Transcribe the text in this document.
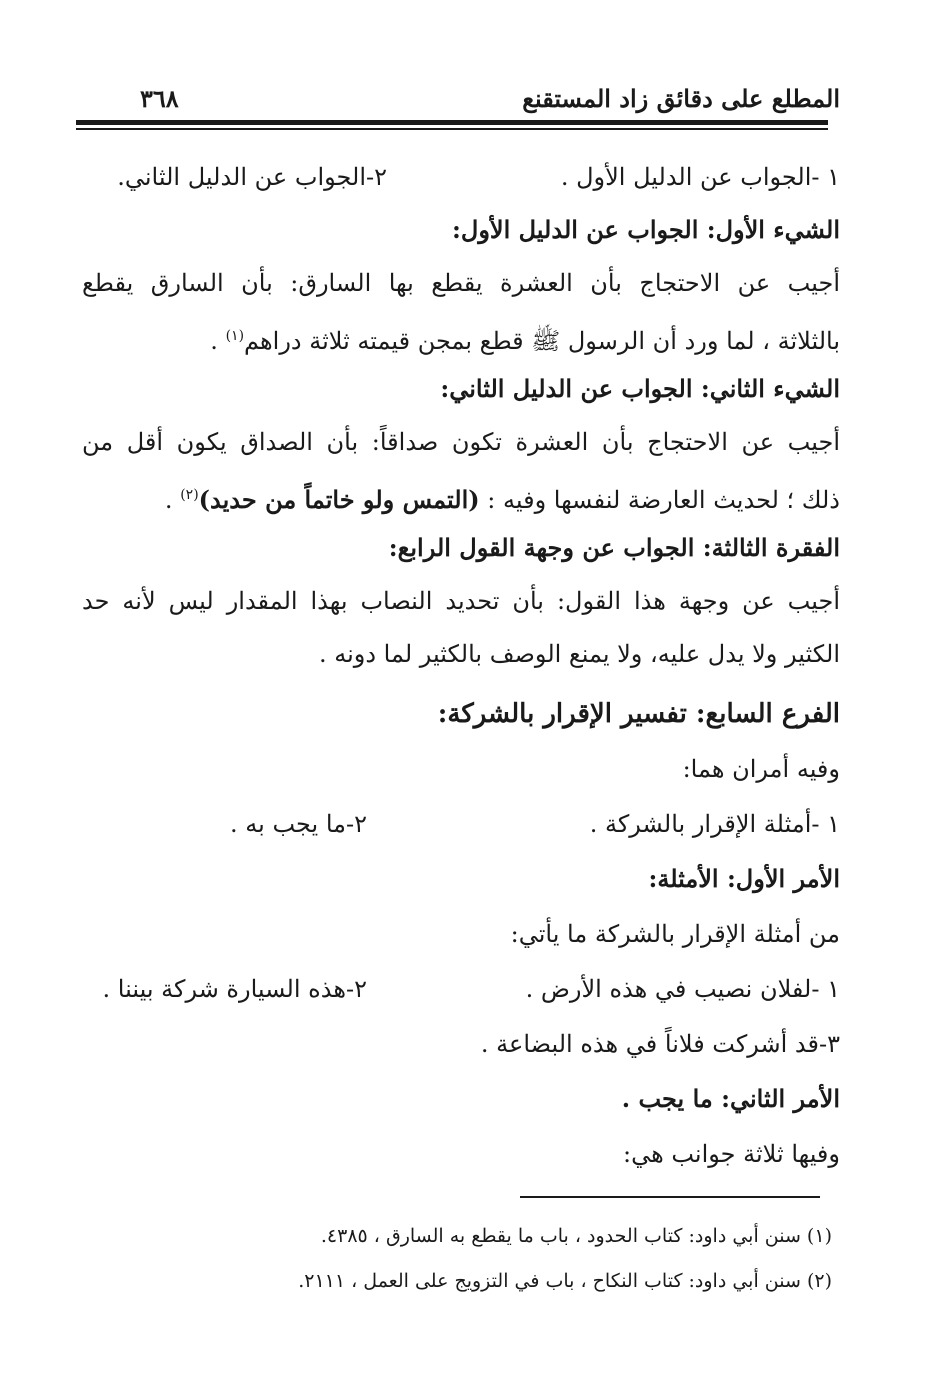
المطلع على دقائق زاد المستقنع
٣٦٨
١ -الجواب عن الدليل الأول .
٢-الجواب عن الدليل الثاني.
الشيء الأول: الجواب عن الدليل الأول:
أجيب عن الاحتجاج بأن العشرة يقطع بها السارق: بأن السارق يقطع
بالثلاثة ، لما ورد أن الرسول ﷺ قطع بمجن قيمته ثلاثة دراهم$^{(١)}$ .
الشيء الثاني: الجواب عن الدليل الثاني:
أجيب عن الاحتجاج بأن العشرة تكون صداقاً: بأن الصداق يكون أقل من
ذلك ؛ لحديث العارضة لنفسها وفيه : (التمس ولو خاتماً من حديد)$^{(٢)}$ .
الفقرة الثالثة: الجواب عن وجهة القول الرابع:
أجيب عن وجهة هذا القول: بأن تحديد النصاب بهذا المقدار ليس لأنه حد
الكثير ولا يدل عليه، ولا يمنع الوصف بالكثير لما دونه .
الفرع السابع: تفسير الإقرار بالشركة:
وفيه أمران هما:
١ -أمثلة الإقرار بالشركة .
٢-ما يجب به .
الأمر الأول: الأمثلة:
من أمثلة الإقرار بالشركة ما يأتي:
١ -لفلان نصيب في هذه الأرض .
٢-هذه السيارة شركة بيننا .
٣-قد أشركت فلاناً في هذه البضاعة .
الأمر الثاني: ما يجب .
وفيها ثلاثة جوانب هي:
(١) سنن أبي داود: كتاب الحدود ، باب ما يقطع به السارق ، ٤٣٨٥.
(٢) سنن أبي داود: كتاب النكاح ، باب في التزويج على العمل ، ٢١١١.
